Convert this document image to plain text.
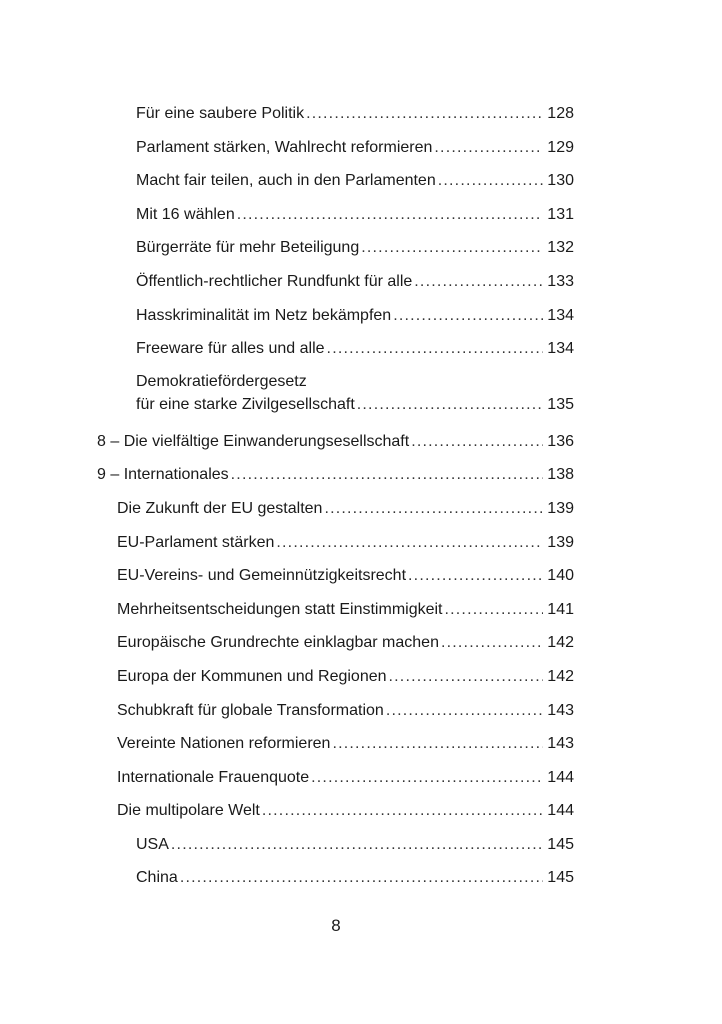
Für eine saubere Politik .....	128
Parlament stärken, Wahlrecht reformieren .....	129
Macht fair teilen, auch in den Parlamenten .....	130
Mit 16 wählen .....	131
Bürgerräte für mehr Beteiligung .....	132
Öffentlich-rechtlicher Rundfunkt für alle .....	133
Hasskriminalität im Netz bekämpfen .....	134
Freeware für alles und alle .....	134
Demokratiefördergesetz
für eine starke Zivilgesellschaft .....	135
8 – Die vielfältige Einwanderungsesellschaft .....	136
9 – Internationales .....	138
Die Zukunft der EU gestalten .....	139
EU-Parlament stärken .....	139
EU-Vereins- und Gemeinnützigkeitsrecht .....	140
Mehrheitsentscheidungen statt Einstimmigkeit .....	141
Europäische Grundrechte einklagbar machen .....	142
Europa der Kommunen und Regionen .....	142
Schubkraft für globale Transformation .....	143
Vereinte Nationen reformieren .....	143
Internationale Frauenquote .....	144
Die multipolare Welt .....	144
USA .....	145
China .....	145
8
